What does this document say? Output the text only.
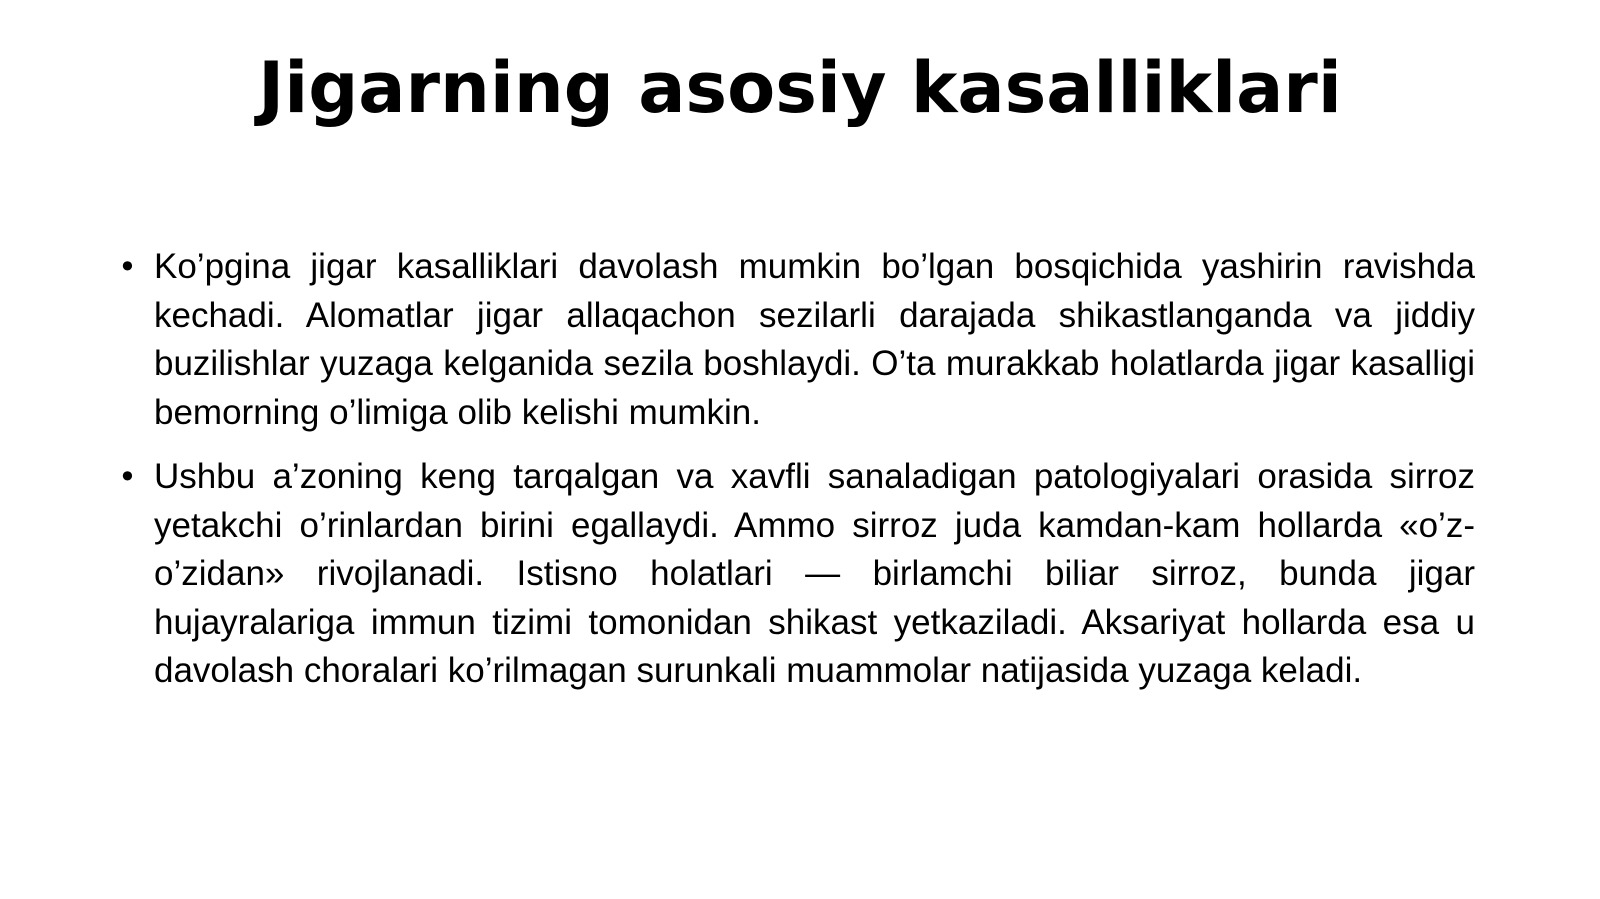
Jigarning asosiy kasalliklari
• Ko’pgina jigar kasalliklari davolash mumkin bo’lgan bosqichida yashirin ravishda kechadi. Alomatlar jigar allaqachon sezilarli darajada shikastlanganda va jiddiy buzilishlar yuzaga kelganida sezila boshlaydi. O’ta murakkab holatlarda jigar kasalligi bemorning o’limiga olib kelishi mumkin.
• Ushbu a’zoning keng tarqalgan va xavfli sanaladigan patologiyalari orasida sirroz yetakchi o’rinlardan birini egallaydi. Ammo sirroz juda kamdan-kam hollarda «o’z-o’zidan» rivojlanadi. Istisno holatlari — birlamchi biliar sirroz, bunda jigar hujayralariga immun tizimi tomonidan shikast yetkaziladi. Aksariyat hollarda esa u davolash choralari ko’rilmagan surunkali muammolar natijasida yuzaga keladi.
